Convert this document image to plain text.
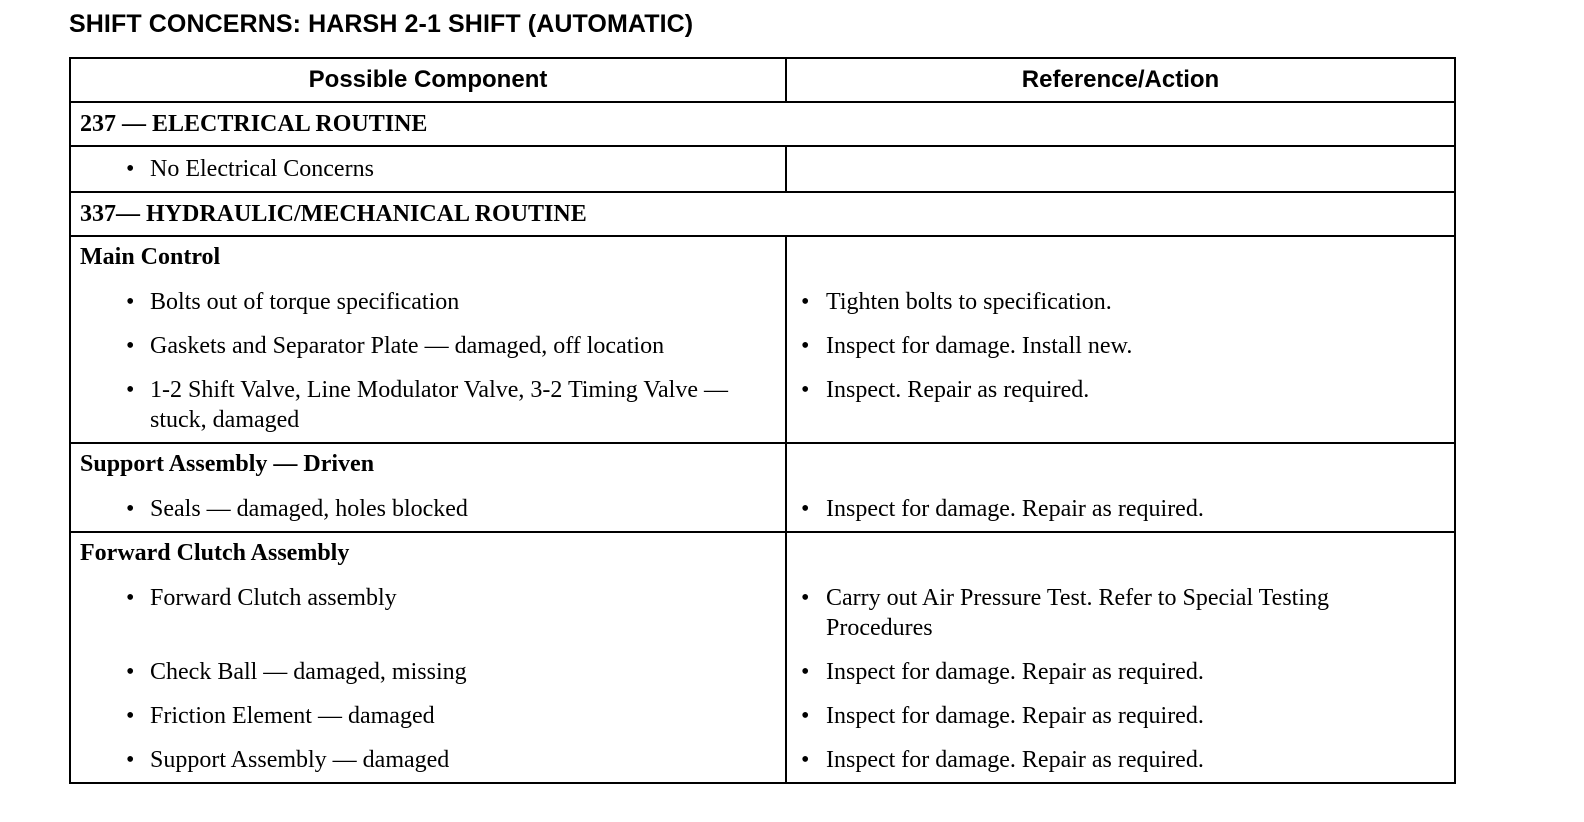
SHIFT CONCERNS: HARSH 2-1 SHIFT (AUTOMATIC)
Possible Component	Reference/Action
237 — ELECTRICAL ROUTINE	

• No Electrical Concerns	

337— HYDRAULIC/MECHANICAL ROUTINE	
Main Control	

• Bolts out of torque specification	• Tighten bolts to specification.

• Gaskets and Separator Plate — damaged, off location	• Inspect for damage. Install new.

• 1-2 Shift Valve, Line Modulator Valve, 3-2 Timing Valve — stuck, damaged	• Inspect. Repair as required.

Support Assembly — Driven	

• Seals — damaged, holes blocked	• Inspect for damage. Repair as required.

Forward Clutch Assembly	

• Forward Clutch assembly	• Carry out Air Pressure Test. Refer to Special Testing Procedures

• Check Ball — damaged, missing	• Inspect for damage. Repair as required.

• Friction Element — damaged	• Inspect for damage. Repair as required.

• Support Assembly — damaged	• Inspect for damage. Repair as required.
